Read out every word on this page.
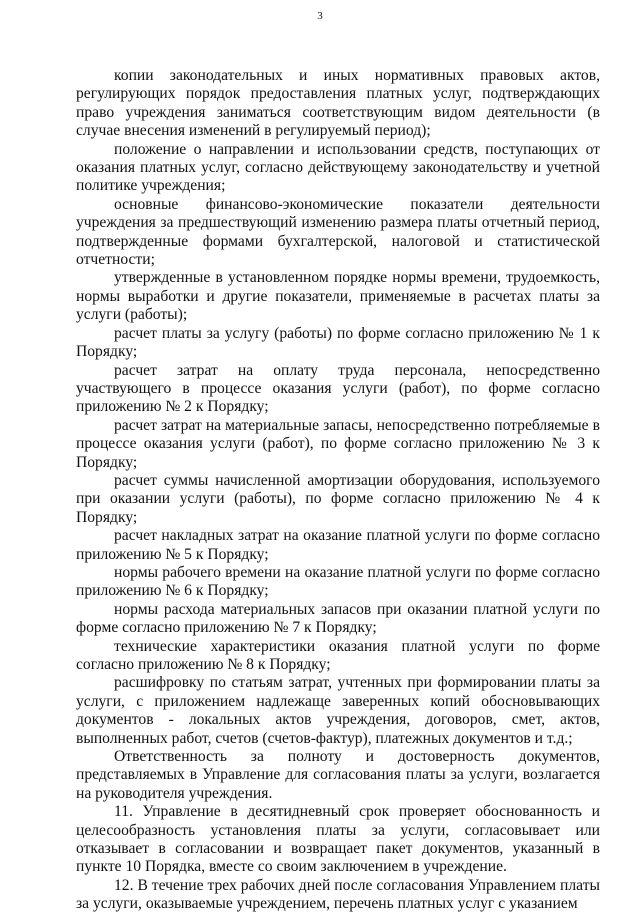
3

копии законодательных и иных нормативных правовых актов, регулирующих порядок предоставления платных услуг, подтверждающих право учреждения заниматься соответствующим видом деятельности (в случае внесения изменений в регулируемый период);

положение о направлении и использовании средств, поступающих от оказания платных услуг, согласно действующему законодательству и учетной политике учреждения;

основные финансово-экономические показатели деятельности учреждения за предшествующий изменению размера платы отчетный период, подтвержденные формами бухгалтерской, налоговой и статистической отчетности;

утвержденные в установленном порядке нормы времени, трудоемкость, нормы выработки и другие показатели, применяемые в расчетах платы за услуги (работы);

расчет платы за услугу (работы) по форме согласно приложению № 1 к Порядку;

расчет затрат на оплату труда персонала, непосредственно участвующего в процессе оказания услуги (работ), по форме согласно приложению № 2 к Порядку;

расчет затрат на материальные запасы, непосредственно потребляемые в процессе оказания услуги (работ), по форме согласно приложению № 3 к Порядку;

расчет суммы начисленной амортизации оборудования, используемого при оказании услуги (работы), по форме согласно приложению № 4 к Порядку;

расчет накладных затрат на оказание платной услуги по форме согласно приложению № 5 к Порядку;

нормы рабочего времени на оказание платной услуги по форме согласно приложению № 6 к Порядку;

нормы расхода материальных запасов при оказании платной услуги по форме согласно приложению № 7 к Порядку;

технические характеристики оказания платной услуги по форме согласно приложению № 8 к Порядку;

расшифровку по статьям затрат, учтенных при формировании платы за услуги, с приложением надлежаще заверенных копий обосновывающих документов - локальных актов учреждения, договоров, смет, актов, выполненных работ, счетов (счетов-фактур), платежных документов и т.д.;

Ответственность за полноту и достоверность документов, представляемых в Управление для согласования платы за услуги, возлагается на руководителя учреждения.

11. Управление в десятидневный срок проверяет обоснованность и целесообразность установления платы за услуги, согласовывает или отказывает в согласовании и возвращает пакет документов, указанный в пункте 10 Порядка, вместе со своим заключением в учреждение.

12. В течение трех рабочих дней после согласования Управлением платы за услуги, оказываемые учреждением, перечень платных услуг с указанием
